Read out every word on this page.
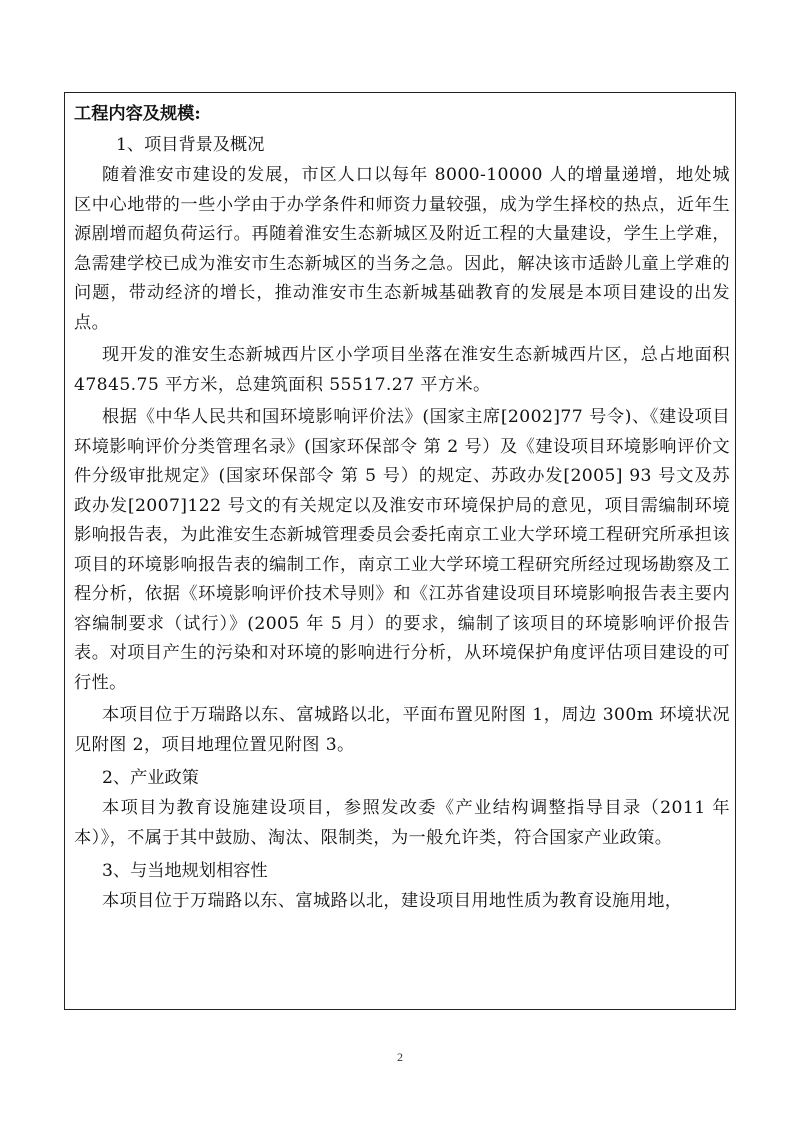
工程内容及规模:

1、项目背景及概况

随着淮安市建设的发展，市区人口以每年 8000-10000 人的增量递增，地处城区中心地带的一些小学由于办学条件和师资力量较强，成为学生择校的热点，近年生源剧增而超负荷运行。再随着淮安生态新城区及附近工程的大量建设，学生上学难，急需建学校已成为淮安市生态新城区的当务之急。因此，解决该市适龄儿童上学难的问题，带动经济的增长，推动淮安市生态新城基础教育的发展是本项目建设的出发点。

现开发的淮安生态新城西片区小学项目坐落在淮安生态新城西片区，总占地面积 47845.75 平方米，总建筑面积 55517.27 平方米。

根据《中华人民共和国环境影响评价法》(国家主席[2002]77 号令)、《建设项目环境影响评价分类管理名录》(国家环保部令 第 2 号）及《建设项目环境影响评价文件分级审批规定》(国家环保部令 第 5 号）的规定、苏政办发[2005] 93 号文及苏政办发[2007]122 号文的有关规定以及淮安市环境保护局的意见，项目需编制环境影响报告表，为此淮安生态新城管理委员会委托南京工业大学环境工程研究所承担该项目的环境影响报告表的编制工作，南京工业大学环境工程研究所经过现场勘察及工程分析，依据《环境影响评价技术导则》和《江苏省建设项目环境影响报告表主要内容编制要求（试行）》(2005 年 5 月）的要求，编制了该项目的环境影响评价报告表。对项目产生的污染和对环境的影响进行分析，从环境保护角度评估项目建设的可行性。

本项目位于万瑞路以东、富城路以北，平面布置见附图 1，周边 300m 环境状况见附图 2，项目地理位置见附图 3。

2、产业政策

本项目为教育设施建设项目，参照发改委《产业结构调整指导目录（2011 年本）》，不属于其中鼓励、淘汰、限制类，为一般允许类，符合国家产业政策。

3、与当地规划相容性

本项目位于万瑞路以东、富城路以北，建设项目用地性质为教育设施用地，

2
